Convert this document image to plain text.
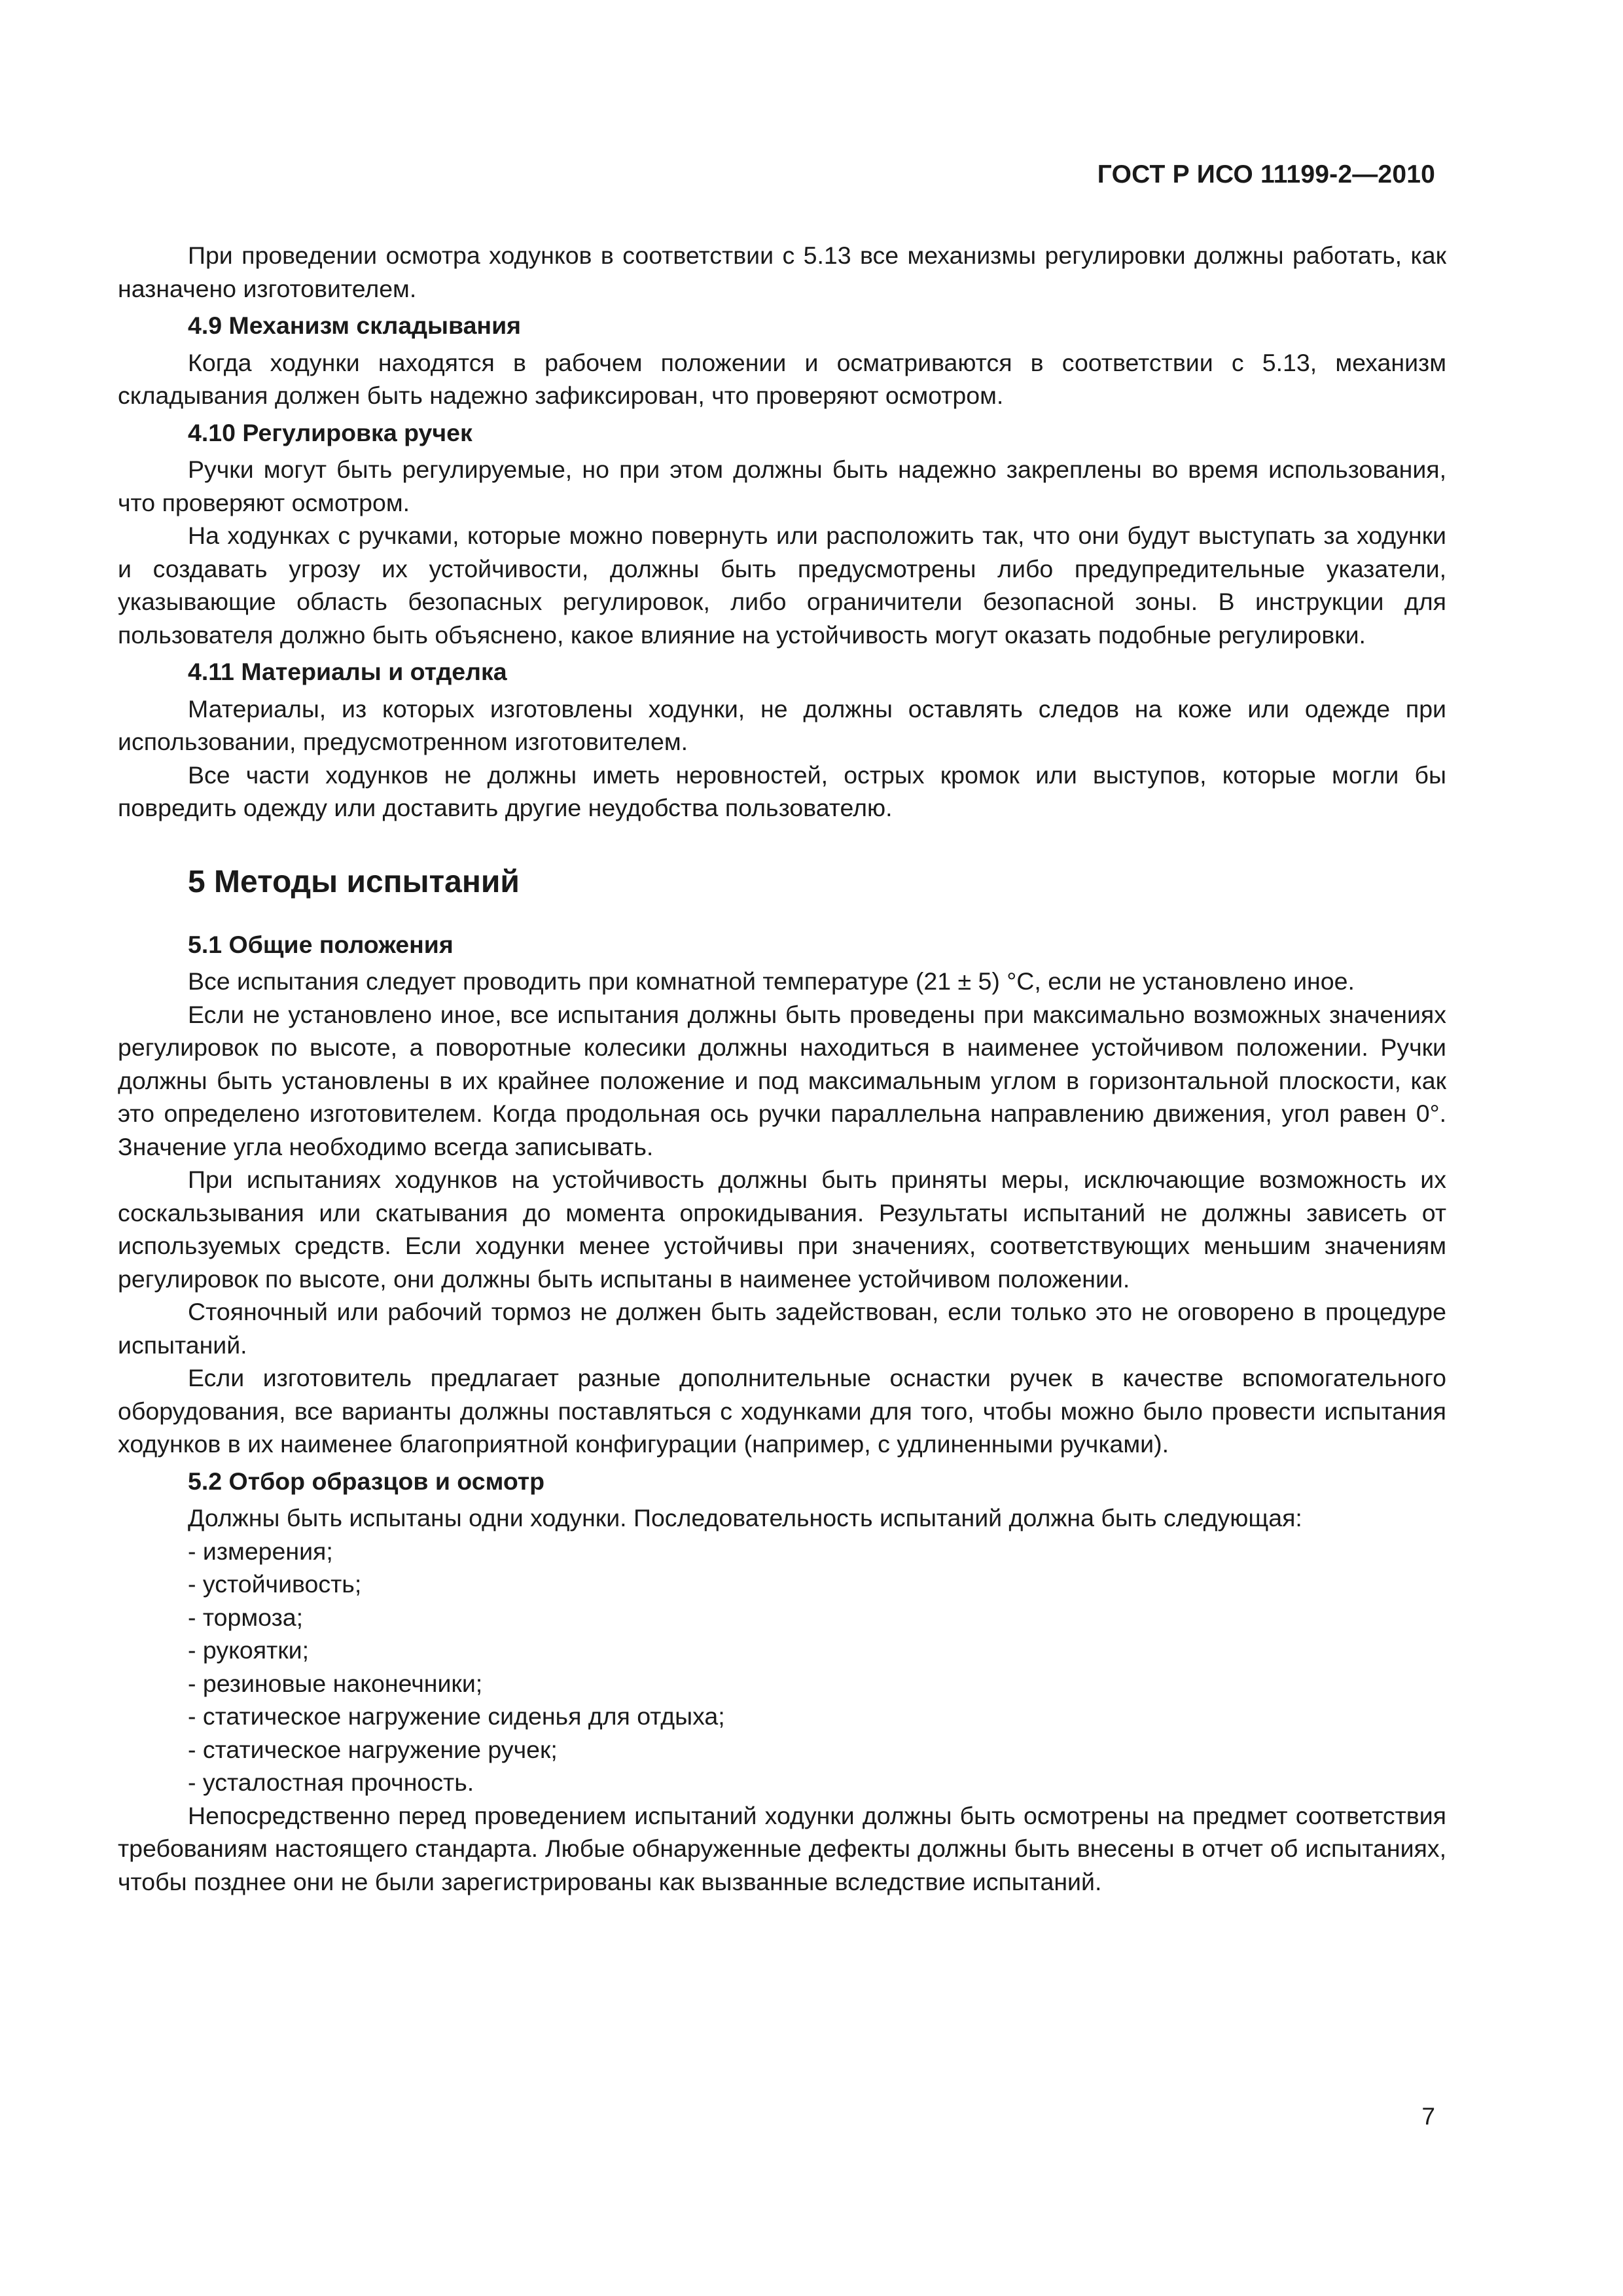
ГОСТ Р ИСО 11199-2—2010

При проведении осмотра ходунков в соответствии с 5.13 все механизмы регулировки должны работать, как назначено изготовителем.

4.9 Механизм складывания

Когда ходунки находятся в рабочем положении и осматриваются в соответствии с 5.13, механизм складывания должен быть надежно зафиксирован, что проверяют осмотром.

4.10 Регулировка ручек

Ручки могут быть регулируемые, но при этом должны быть надежно закреплены во время использования, что проверяют осмотром.

На ходунках с ручками, которые можно повернуть или расположить так, что они будут выступать за ходунки и создавать угрозу их устойчивости, должны быть предусмотрены либо предупредительные указатели, указывающие область безопасных регулировок, либо ограничители безопасной зоны. В инструкции для пользователя должно быть объяснено, какое влияние на устойчивость могут оказать подобные регулировки.

4.11 Материалы и отделка

Материалы, из которых изготовлены ходунки, не должны оставлять следов на коже или одежде при использовании, предусмотренном изготовителем.

Все части ходунков не должны иметь неровностей, острых кромок или выступов, которые могли бы повредить одежду или доставить другие неудобства пользователю.

5 Методы испытаний
5.1 Общие положения

Все испытания следует проводить при комнатной температуре (21 ± 5) °С, если не установлено иное.

Если не установлено иное, все испытания должны быть проведены при максимально возможных значениях регулировок по высоте, а поворотные колесики должны находиться в наименее устойчивом положении. Ручки должны быть установлены в их крайнее положение и под максимальным углом в горизонтальной плоскости, как это определено изготовителем. Когда продольная ось ручки параллельна направлению движения, угол равен 0°. Значение угла необходимо всегда записывать.

При испытаниях ходунков на устойчивость должны быть приняты меры, исключающие возможность их соскальзывания или скатывания до момента опрокидывания. Результаты испытаний не должны зависеть от используемых средств. Если ходунки менее устойчивы при значениях, соответствующих меньшим значениям регулировок по высоте, они должны быть испытаны в наименее устойчивом положении.

Стояночный или рабочий тормоз не должен быть задействован, если только это не оговорено в процедуре испытаний.

Если изготовитель предлагает разные дополнительные оснастки ручек в качестве вспомогательного оборудования, все варианты должны поставляться с ходунками для того, чтобы можно было провести испытания ходунков в их наименее благоприятной конфигурации (например, с удлиненными ручками).

5.2 Отбор образцов и осмотр

Должны быть испытаны одни ходунки. Последовательность испытаний должна быть следующая:

- измерения;
- устойчивость;
- тормоза;
- рукоятки;
- резиновые наконечники;
- статическое нагружение сиденья для отдыха;
- статическое нагружение ручек;
- усталостная прочность.

Непосредственно перед проведением испытаний ходунки должны быть осмотрены на предмет соответствия требованиям настоящего стандарта. Любые обнаруженные дефекты должны быть внесены в отчет об испытаниях, чтобы позднее они не были зарегистрированы как вызванные вследствие испытаний.

7
